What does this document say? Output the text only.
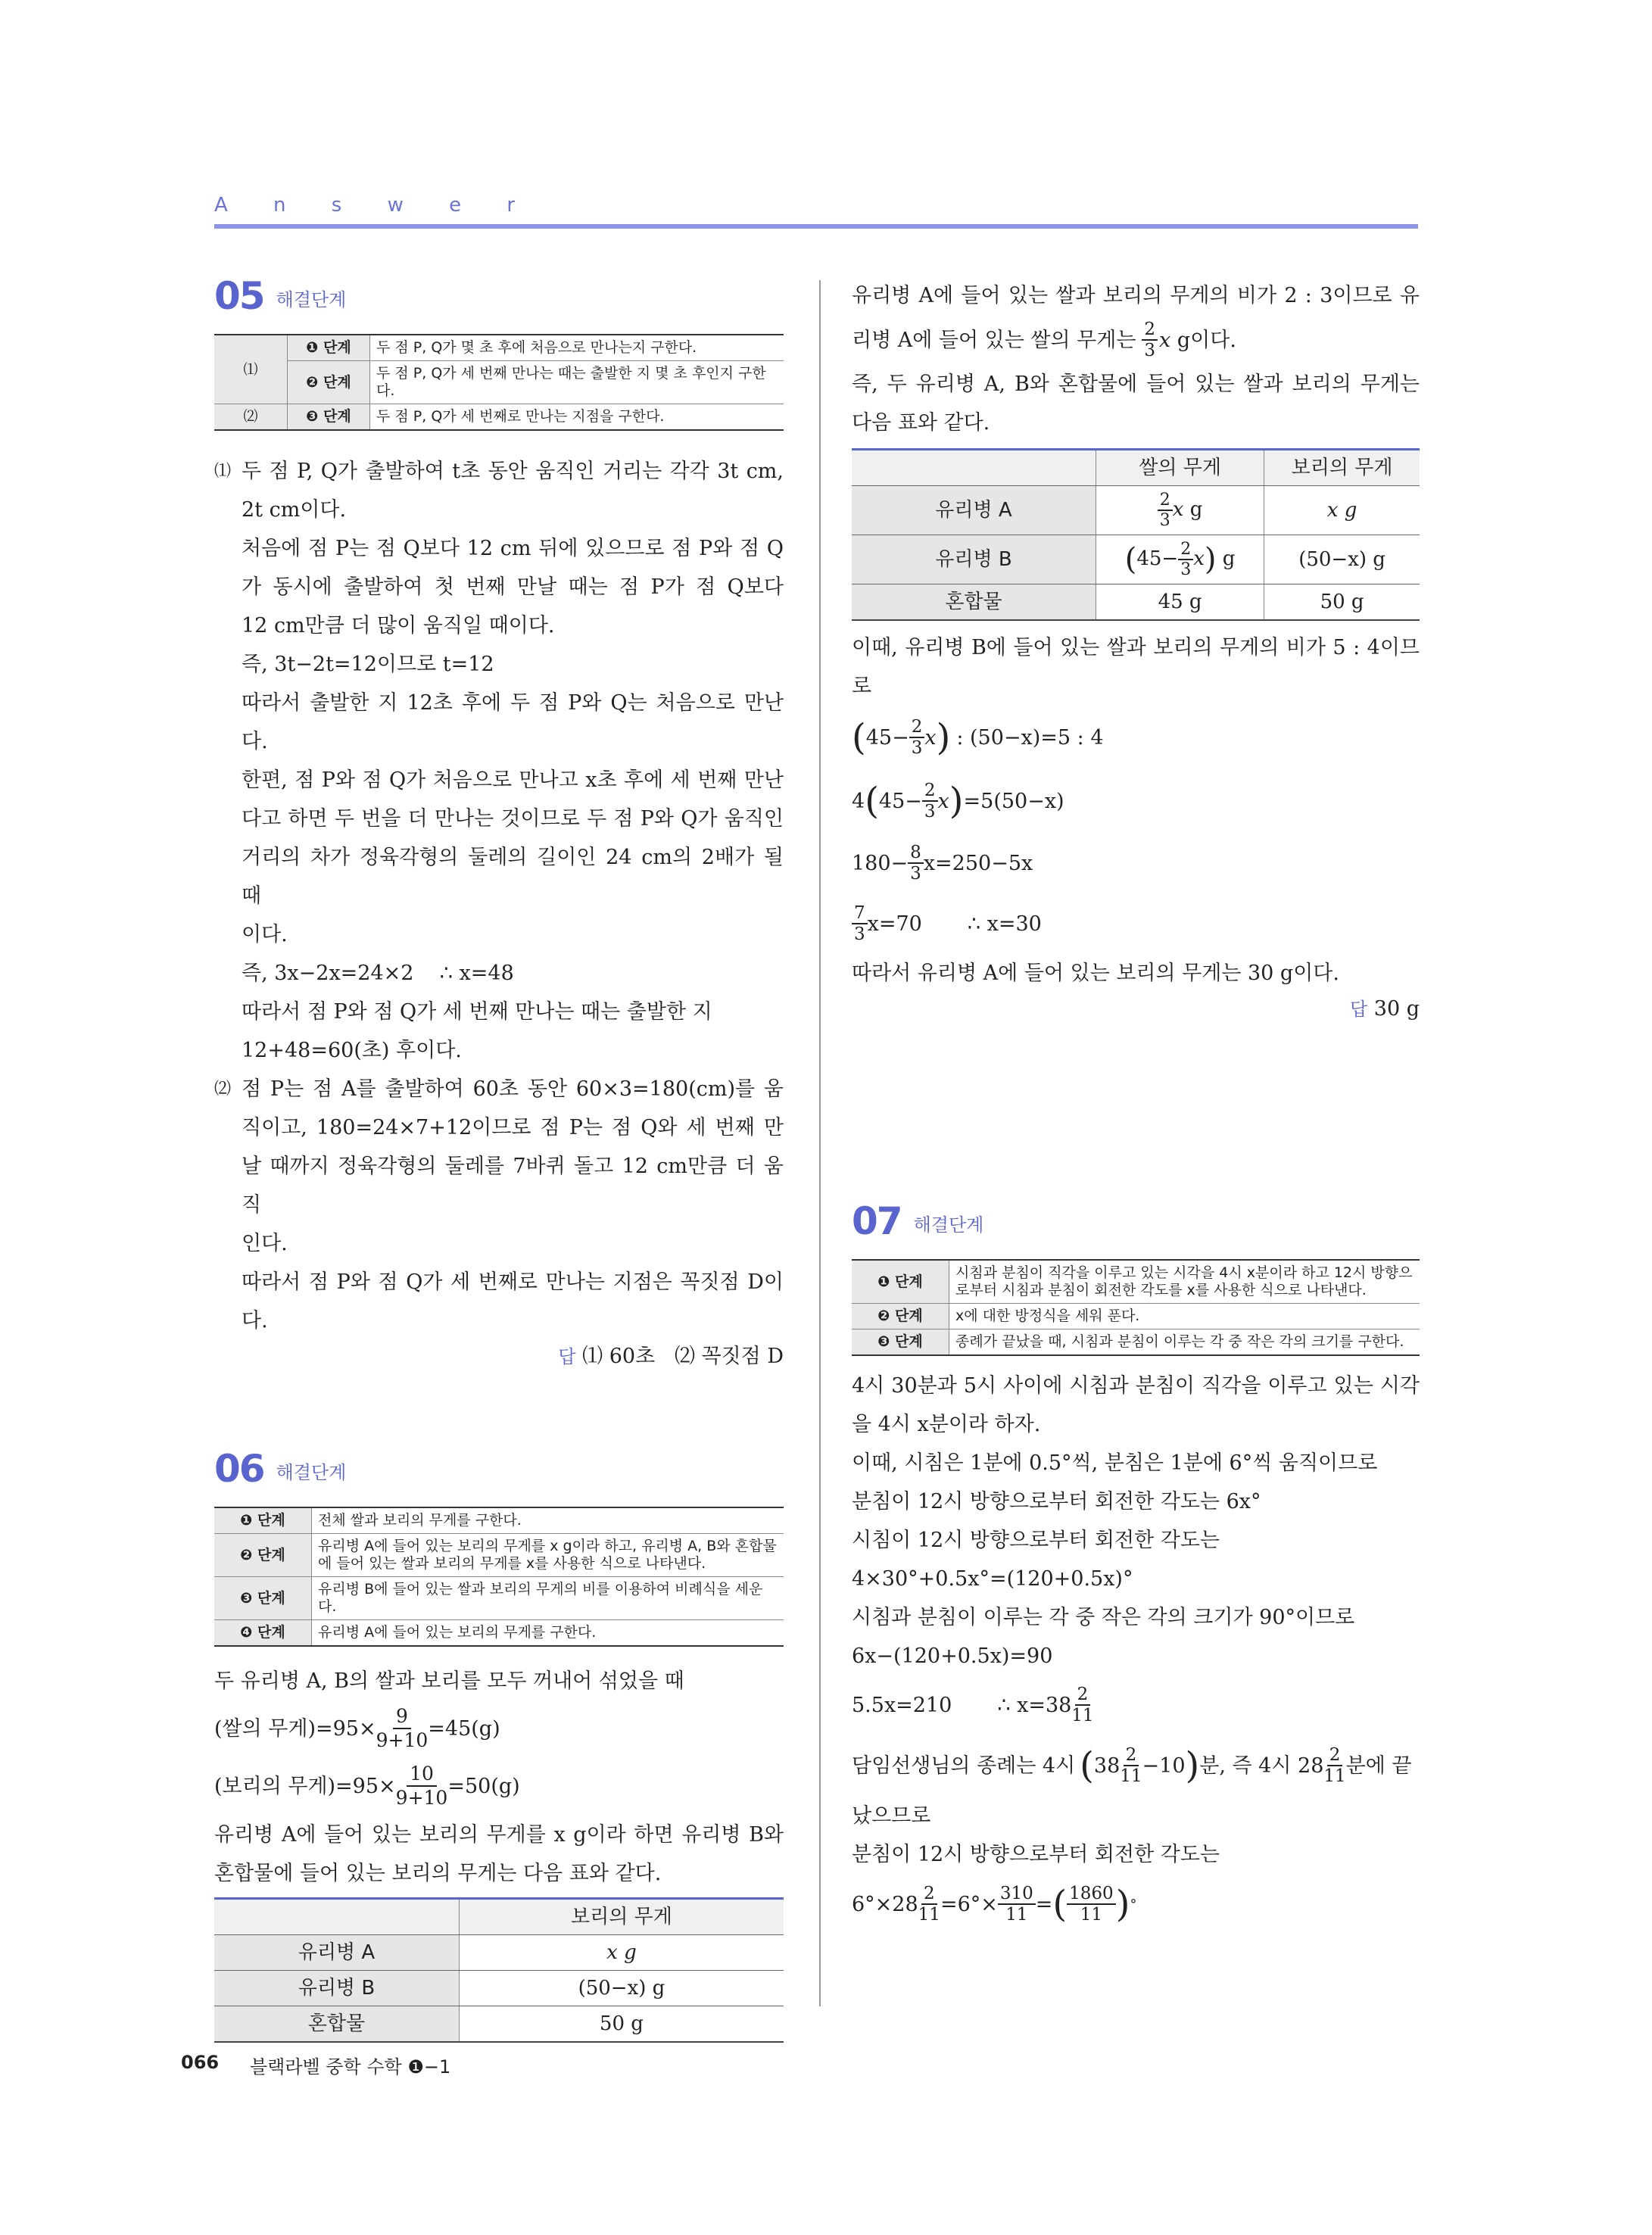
A n s w e r
05 해결단계
⑴	❶ 단계	두 점 P, Q가 몇 초 후에 처음으로 만나는지 구한다.
	❷ 단계	두 점 P, Q가 세 번째 만나는 때는 출발한 지 몇 초 후인지 구한다.
⑵	❸ 단계	두 점 P, Q가 세 번째로 만나는 지점을 구한다.
⑴ 두 점 P, Q가 출발하여 t초 동안 움직인 거리는 각각 3t cm,

2t cm이다.

처음에 점 P는 점 Q보다 12 cm 뒤에 있으므로 점 P와 점 Q

가 동시에 출발하여 첫 번째 만날 때는 점 P가 점 Q보다

12 cm만큼 더 많이 움직일 때이다.

즉, 3t−2t=12이므로 t=12

따라서 출발한 지 12초 후에 두 점 P와 Q는 처음으로 만난다.

한편, 점 P와 점 Q가 처음으로 만나고 x초 후에 세 번째 만난

다고 하면 두 번을 더 만나는 것이므로 두 점 P와 Q가 움직인

거리의 차가 정육각형의 둘레의 길이인 24 cm의 2배가 될 때

이다.

즉, 3x−2x=24×2    ∴ x=48

따라서 점 P와 점 Q가 세 번째 만나는 때는 출발한 지

12+48=60(초) 후이다.

⑵ 점 P는 점 A를 출발하여 60초 동안 60×3=180(cm)를 움

직이고, 180=24×7+12이므로 점 P는 점 Q와 세 번째 만

날 때까지 정육각형의 둘레를 7바퀴 돌고 12 cm만큼 더 움직

인다.

따라서 점 P와 점 Q가 세 번째로 만나는 지점은 꼭짓점 D이다.

답 ⑴ 60초   ⑵ 꼭짓점 D
06 해결단계
❶ 단계	전체 쌀과 보리의 무게를 구한다.
❷ 단계	유리병 A에 들어 있는 보리의 무게를 x g이라 하고, 유리병 A, B와 혼합물에 들어 있는 쌀과 보리의 무게를 x를 사용한 식으로 나타낸다.
❸ 단계	유리병 B에 들어 있는 쌀과 보리의 무게의 비를 이용하여 비례식을 세운다.
❹ 단계	유리병 A에 들어 있는 보리의 무게를 구한다.

두 유리병 A, B의 쌀과 보리를 모두 꺼내어 섞었을 때

(쌀의 무게)$=95\times \frac{9}{9+10} =45(g)$

(보리의 무게)$=95\times \frac{10}{9+10} =50(g)$

유리병 A에 들어 있는 보리의 무게를 x g이라 하면 유리병 B와

혼합물에 들어 있는 보리의 무게는 다음 표와 같다.

	보리의 무게
유리병 A	x g
유리병 B	(50−x) g
혼합물	50 g

유리병 A에 들어 있는 쌀과 보리의 무게의 비가 2 : 3이므로 유

리병 A에 들어 있는 쌀의 무게는 $\frac{2}{3}$ x g 이다.

즉, 두 유리병 A, B와 혼합물에 들어 있는 쌀과 보리의 무게는

다음 표와 같다.

	쌀의 무게	보리의 무게
유리병 A	$\frac{2}{3}$ x g	x g
유리병 B	$(45- \frac{2}{3} x)$ g	(50−x) g
혼합물	45 g	50 g

이때, 유리병 B에 들어 있는 쌀과 보리의 무게의 비가 5 : 4이므로

( 45− 2
3 x ) : (50−x)=5 : 4

4 ( 45− 2
3 x ) =5(50−x)

$180- \frac{8}{3} x=250-5x$

7
3 x=70 ∴ x=30

따라서 유리병 A에 들어 있는 보리의 무게는 30 g이다.

답 30 g
07 해결단계
❶ 단계	시침과 분침이 직각을 이루고 있는 시각을 4시 x분이라 하고 12시 방향으로부터 시침과 분침이 회전한 각도를 x를 사용한 식으로 나타낸다.
❷ 단계	x에 대한 방정식을 세워 푼다.
❸ 단계	종례가 끝났을 때, 시침과 분침이 이루는 각 중 작은 각의 크기를 구한다.

4시 30분과 5시 사이에 시침과 분침이 직각을 이루고 있는 시각

을 4시 x분이라 하자.

이때, 시침은 1분에 0.5°씩, 분침은 1분에 6°씩 움직이므로

분침이 12시 방향으로부터 회전한 각도는 6x°

시침이 12시 방향으로부터 회전한 각도는

4×30°+0.5x°=(120+0.5x)°

시침과 분침이 이루는 각 중 작은 각의 크기가 90°이므로

6x−(120+0.5x)=90

5.5x=210 ∴ x=38 2
11

담임선생님의 종례는 4시 ( 38 2
11 −10 ) 분, 즉 4시 28 2
11 분에 끝

났으므로

분침이 12시 방향으로부터 회전한 각도는

$6^\circ\times 28 \frac{2}{11} =6^\circ\times \frac{310}{11}$ = ( 1860
11 ) °

066 블랙라벨 중학 수학 ❶−1
